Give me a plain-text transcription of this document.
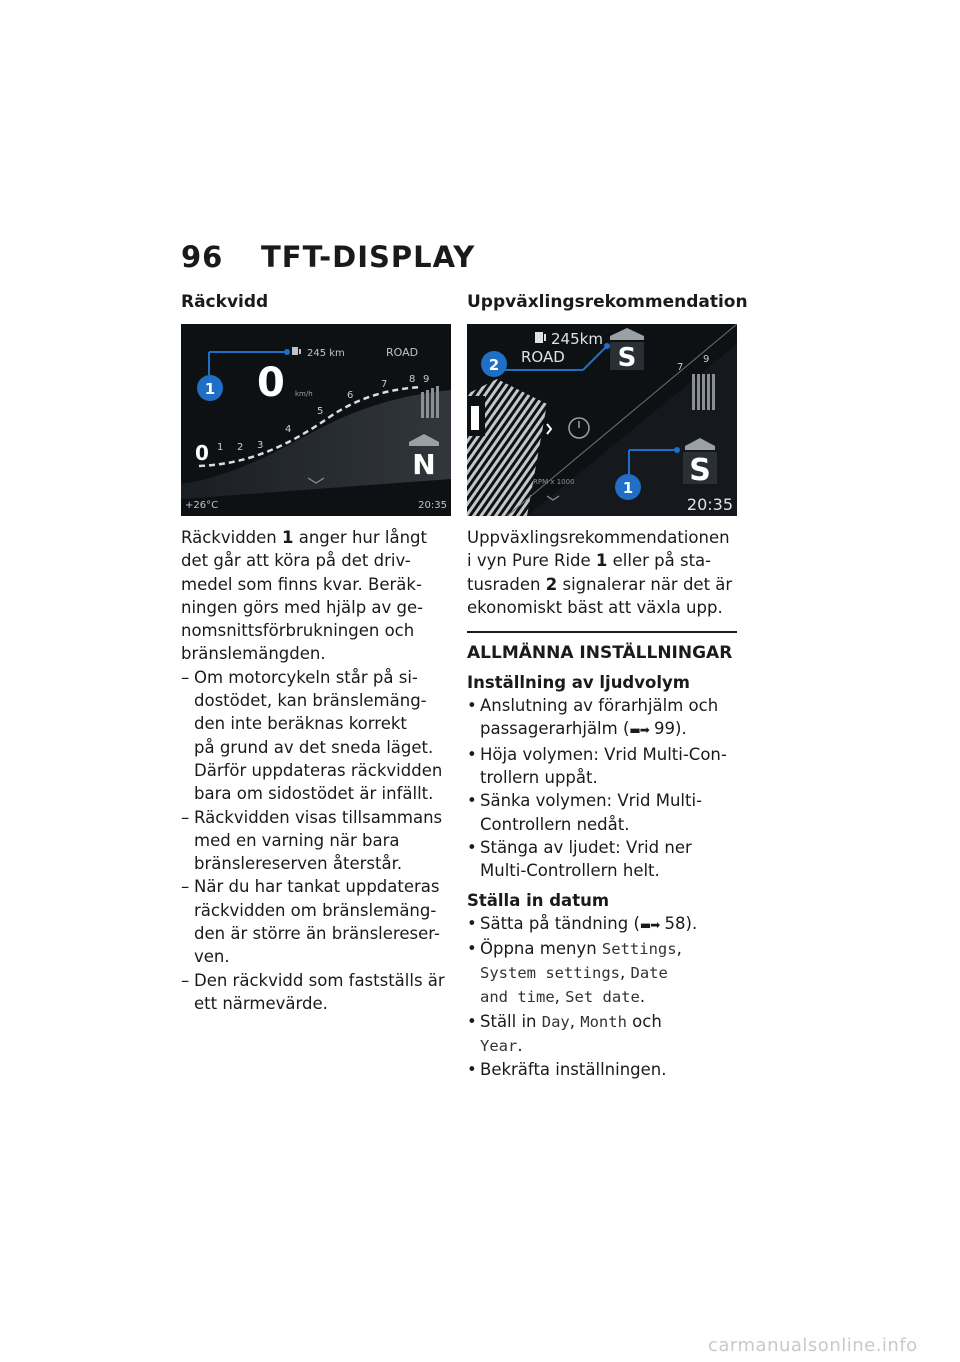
96	TFT-DISPLAY
Räckvidd
1 2 3
4
5
6
7 8 9
1
245 km	ROAD
0 km/h
0	N
+26°C	20:35

Räckvidden 1 anger hur långt

det går att köra på det driv-

medel som finns kvar. Beräk-

ningen görs med hjälp av ge-

nomsnittsförbrukningen och

bränslemängden.

– Om motorcykeln står på si-
dostödet, kan bränslemäng-
den inte beräknas korrekt
på grund av det sneda läget.
Därför uppdateras räckvidden
bara om sidostödet är infällt.
– Räckvidden visas tillsammans
med en varning när bara
bränslereserven återstår.
– När du har tankat uppdateras
räckvidden om bränslemäng-
den är större än bränslereser-
ven.
– Den räckvidd som fastställs är
ett närmevärde.
Uppväxlingsrekommendation
7
9
245km
ROAD S
2
S
1
RPM x 1000
20:35

Uppväxlingsrekommendationen

i vyn Pure Ride 1 eller på sta-

tusraden 2 signalerar när det är

ekonomiskt bäst att växla upp.

ALLMÄNNA INSTÄLLNINGAR
Inställning av ljudvolym
• Anslutning av förarhjälm och
passagerarhjälm (▬➡ 99).
• Höja volymen: Vrid Multi-Con-
trollern uppåt.
• Sänka volymen: Vrid Multi-
Controllern nedåt.
• Stänga av ljudet: Vrid ner
Multi-Controllern helt.
Ställa in datum
• Sätta på tändning (▬➡ 58).
• Öppna menyn Settings,
System settings, Date
and time, Set date.
• Ställ in Day, Month och
Year.
• Bekräfta inställningen.
carmanualsonline.info
